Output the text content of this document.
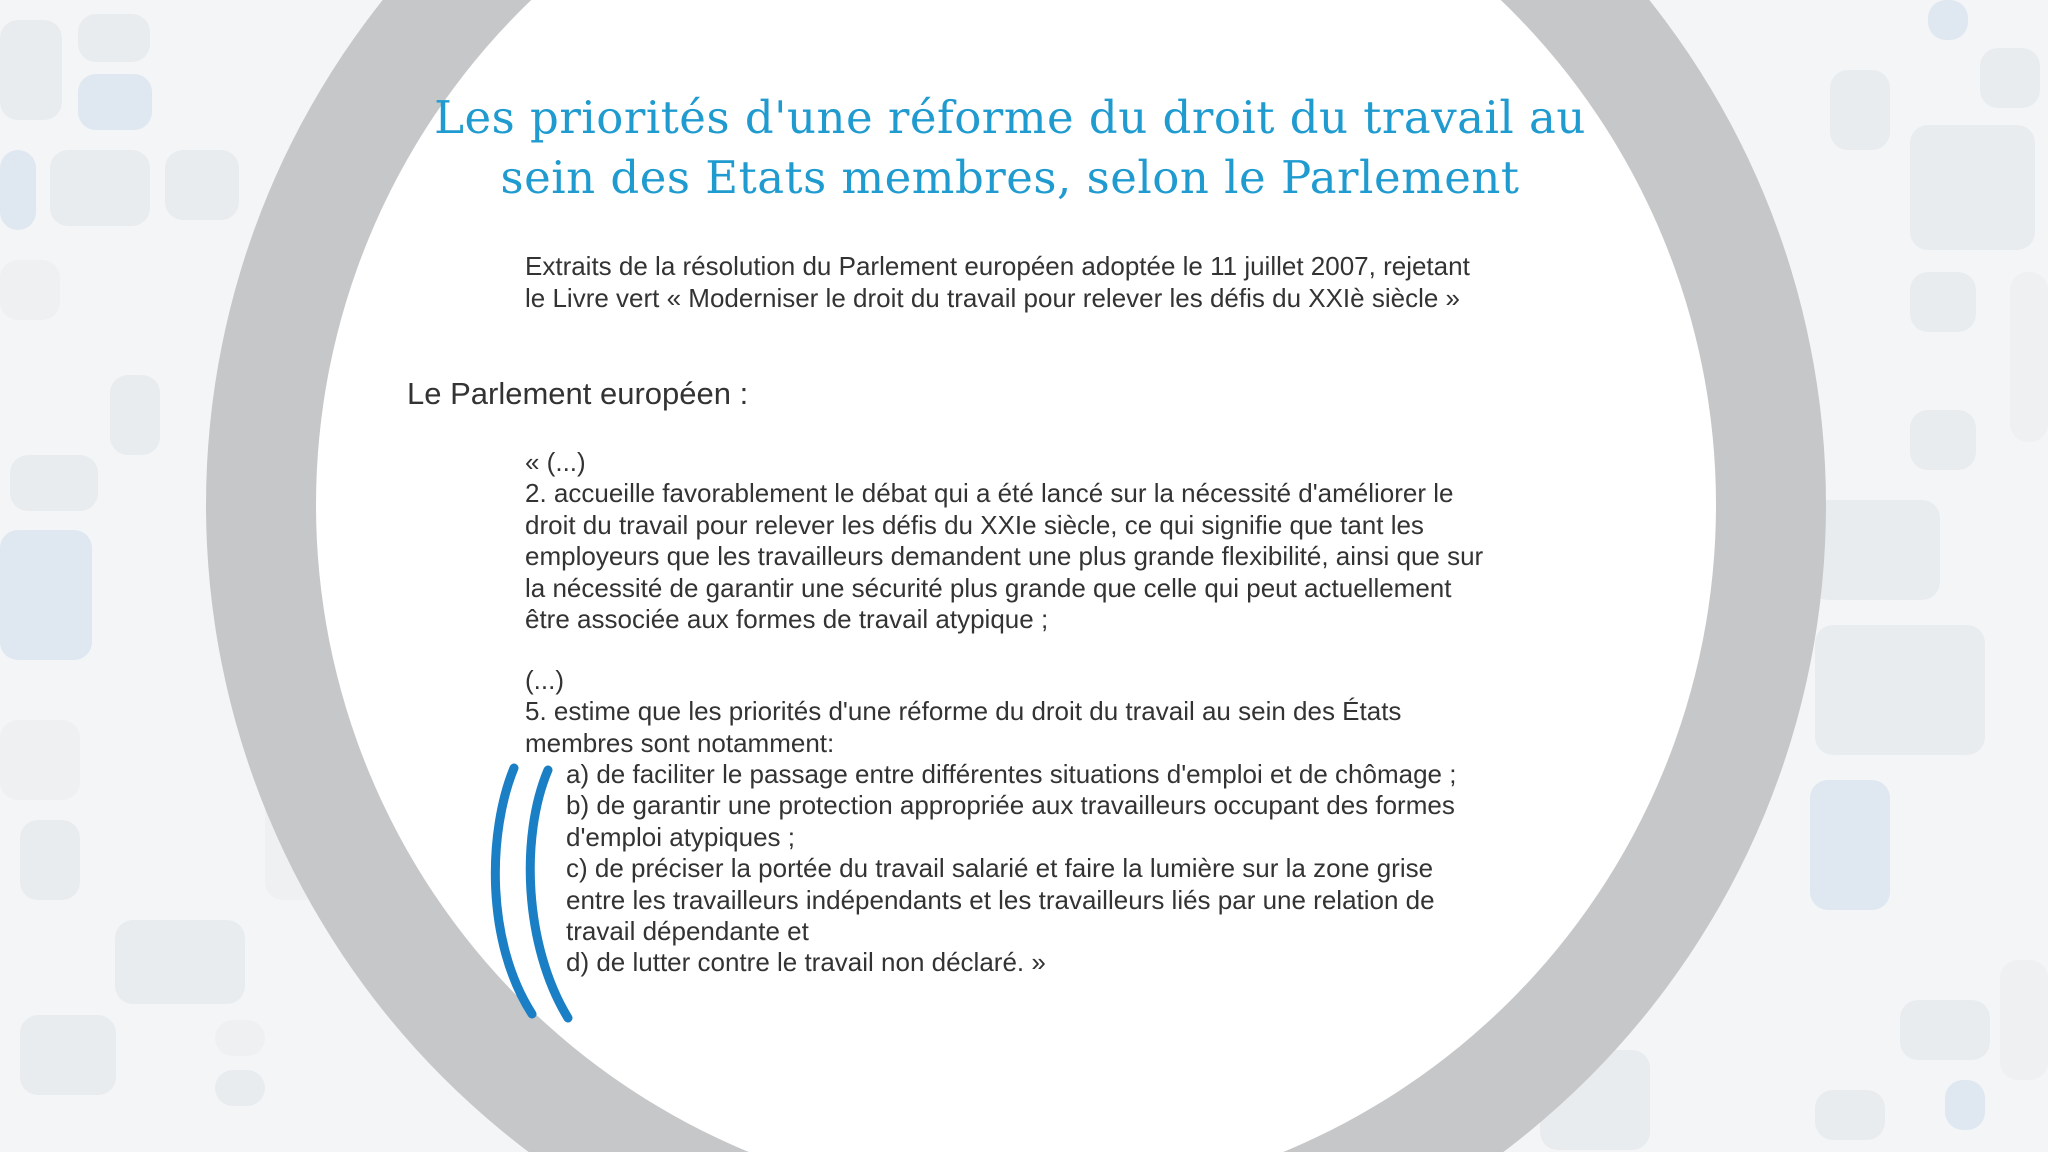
Les priorités d'une réforme du droit du travail au
sein des Etats membres, selon le Parlement

Extraits de la résolution du Parlement européen adoptée le 11 juillet 2007, rejetant
le Livre vert « Moderniser le droit du travail pour relever les défis du XXIè siècle »

Le Parlement européen :

« (...)
2. accueille favorablement le débat qui a été lancé sur la nécessité d'améliorer le
droit du travail pour relever les défis du XXIe siècle, ce qui signifie que tant les
employeurs que les travailleurs demandent une plus grande flexibilité, ainsi que sur
la nécessité de garantir une sécurité plus grande que celle qui peut actuellement
être associée aux formes de travail atypique ;

(...)
5. estime que les priorités d'une réforme du droit du travail au sein des États
membres sont notamment:

a) de faciliter le passage entre différentes situations d'emploi et de chômage ;
b) de garantir une protection appropriée aux travailleurs occupant des formes
d'emploi atypiques ;
c) de préciser la portée du travail salarié et faire la lumière sur la zone grise
entre les travailleurs indépendants et les travailleurs liés par une relation de
travail dépendante et
d) de lutter contre le travail non déclaré. »
